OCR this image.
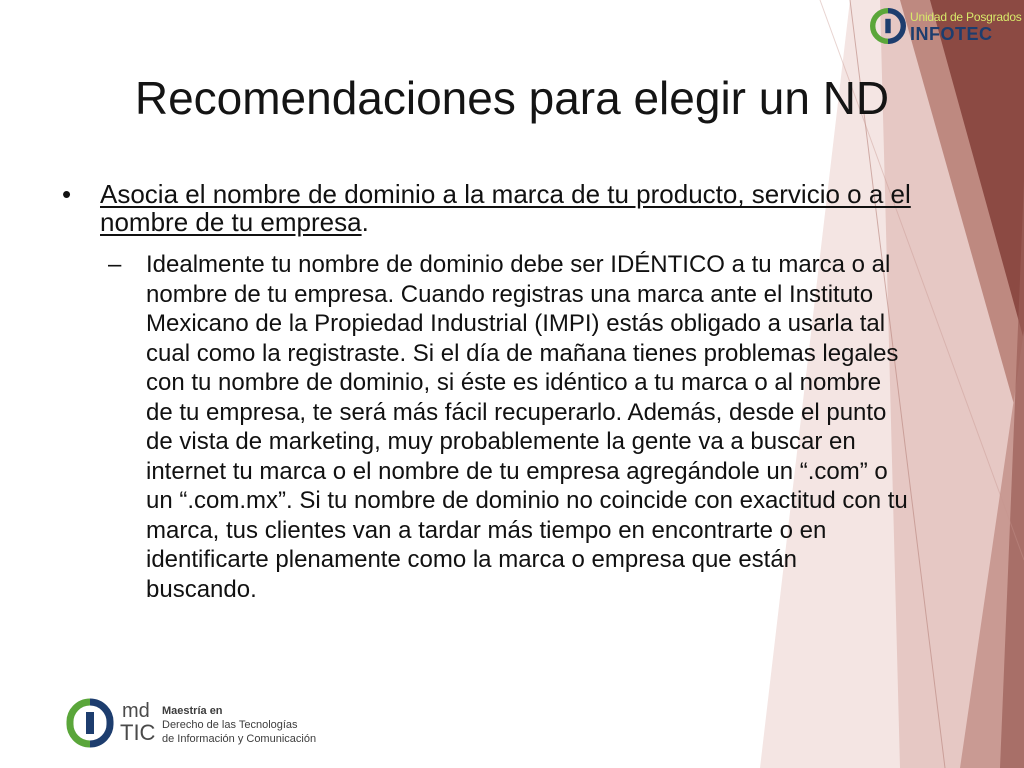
Unidad de Posgrados
INFOTEC
Recomendaciones para elegir un ND
•	Asocia el nombre de dominio a la marca de tu producto, servicio o a el nombre de tu empresa.
– Idealmente tu nombre de dominio debe ser IDÉNTICO a tu marca o al nombre de tu empresa. Cuando registras una marca ante el Instituto Mexicano de la Propiedad Industrial (IMPI) estás obligado a usarla tal cual como la registraste. Si el día de mañana tienes problemas legales con tu nombre de dominio, si éste es idéntico a tu marca o al nombre de tu empresa, te será más fácil recuperarlo. Además, desde el punto de vista de marketing, muy probablemente la gente va a buscar en internet tu marca o el nombre de tu empresa agregándole un “.com” o un “.com.mx”. Si tu nombre de dominio no coincide con exactitud con tu marca, tus clientes van a tardar más tiempo en encontrarte o en identificarte plenamente como la marca o empresa que están buscando.
md
TIC
Maestría en
Derecho de las Tecnologías
de Información y Comunicación
